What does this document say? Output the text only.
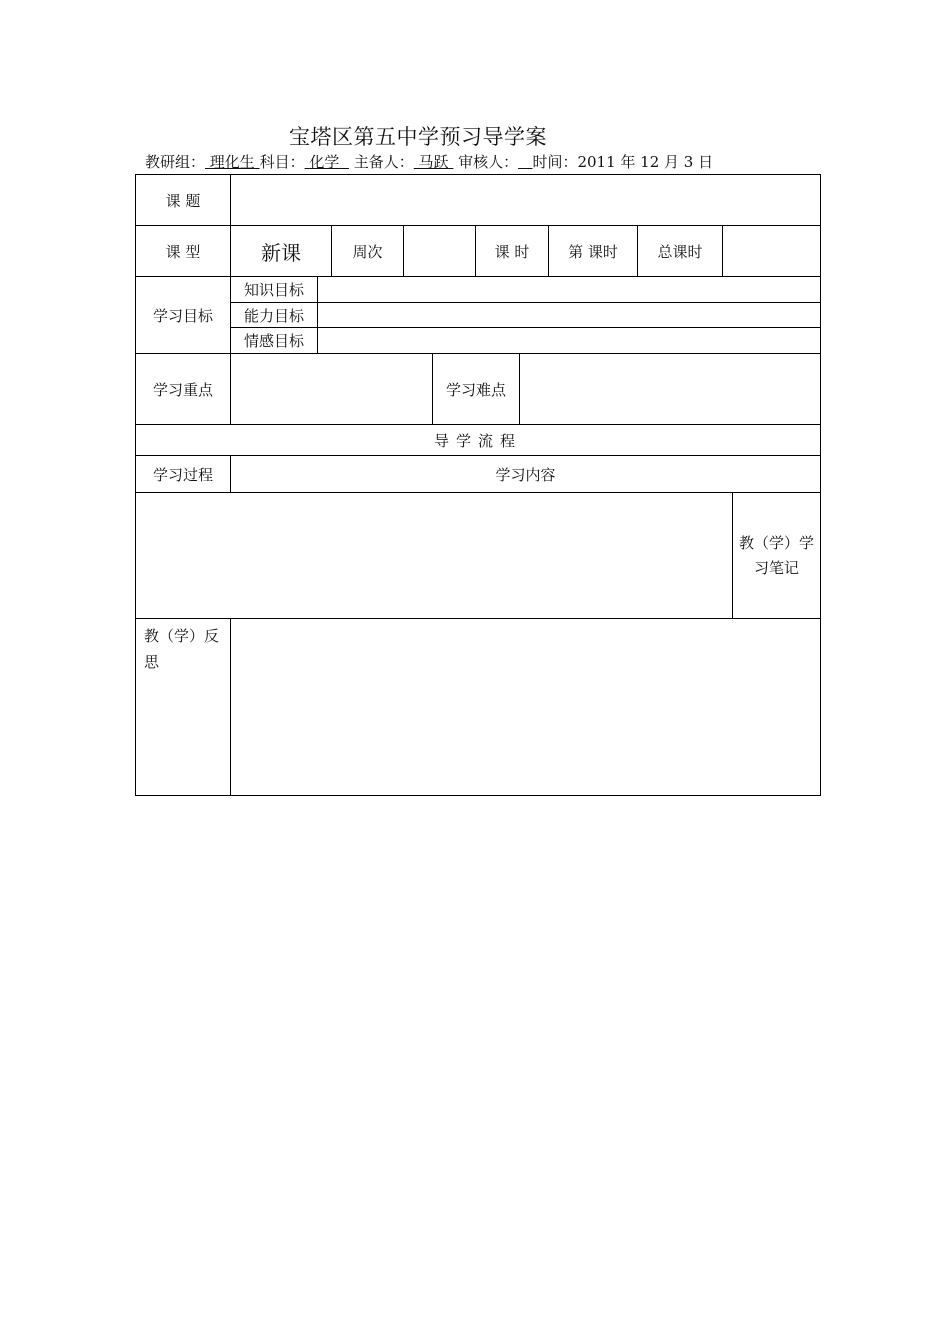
宝塔区第五中学预习导学案
教研组： 理化生 科目： 化学 主备人： 马跃 审核人： 时间：2011 年 12 月 3 日
课 题
课 型	新课	周次	课 时	第 课时	总课时
学习目标
知识目标
能力目标
情感目标
学习重点	学习难点
导学流程
学习过程	学习内容
教（学）学习笔记
教（学）反思
